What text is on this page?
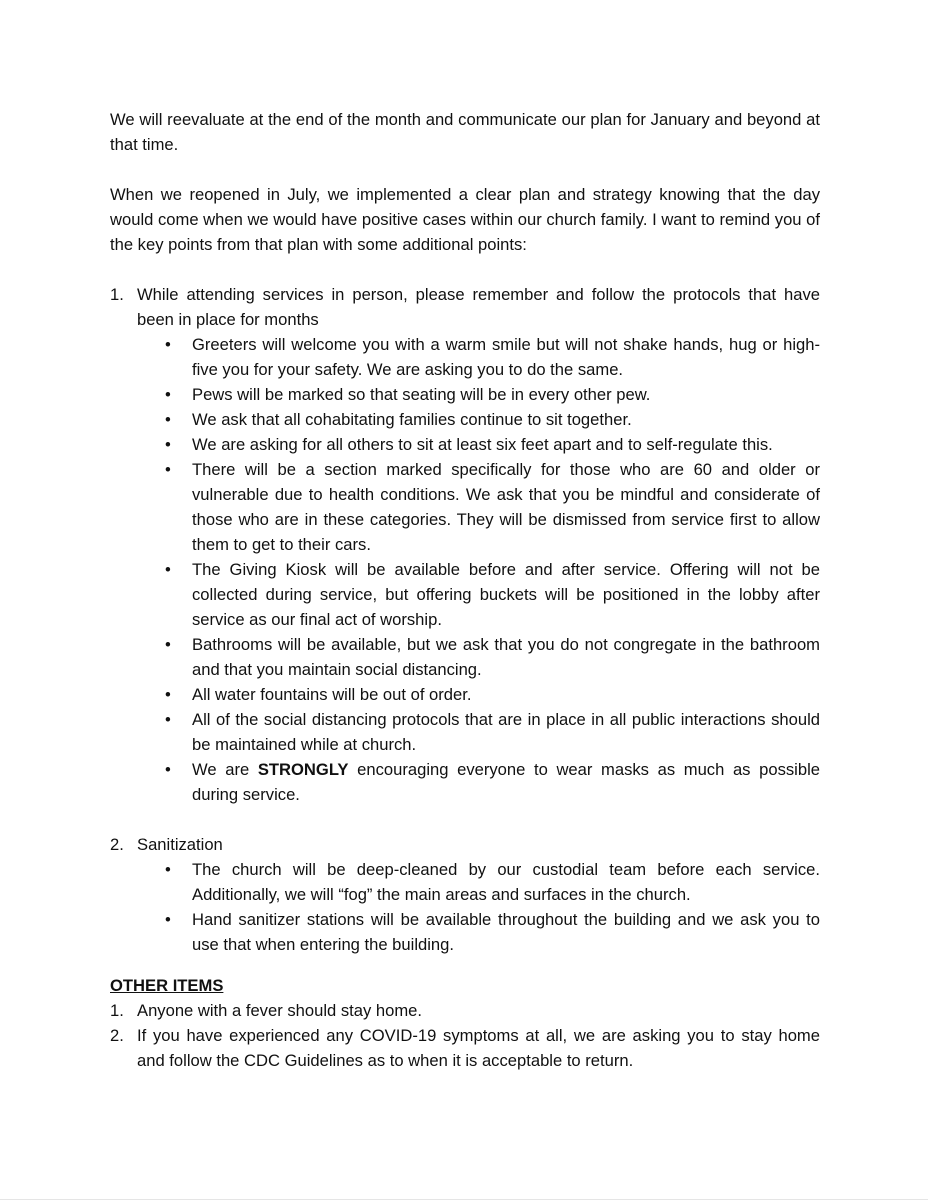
We will reevaluate at the end of the month and communicate our plan for January and beyond at that time.

When we reopened in July, we implemented a clear plan and strategy knowing that the day would come when we would have positive cases within our church family. I want to remind you of the key points from that plan with some additional points:

1. While attending services in person, please remember and follow the protocols that have been in place for months
• Greeters will welcome you with a warm smile but will not shake hands, hug or high-five you for your safety. We are asking you to do the same.
• Pews will be marked so that seating will be in every other pew.
• We ask that all cohabitating families continue to sit together.
• We are asking for all others to sit at least six feet apart and to self-regulate this.
• There will be a section marked specifically for those who are 60 and older or vulnerable due to health conditions. We ask that you be mindful and considerate of those who are in these categories. They will be dismissed from service first to allow them to get to their cars.
• The Giving Kiosk will be available before and after service. Offering will not be collected during service, but offering buckets will be positioned in the lobby after service as our final act of worship.
• Bathrooms will be available, but we ask that you do not congregate in the bathroom and that you maintain social distancing.
• All water fountains will be out of order.
• All of the social distancing protocols that are in place in all public interactions should be maintained while at church.
• We are STRONGLY encouraging everyone to wear masks as much as possible during service.
2. Sanitization
• The church will be deep-cleaned by our custodial team before each service. Additionally, we will “fog” the main areas and surfaces in the church.
• Hand sanitizer stations will be available throughout the building and we ask you to use that when entering the building.
OTHER ITEMS
1. Anyone with a fever should stay home.
2. If you have experienced any COVID-19 symptoms at all, we are asking you to stay home and follow the CDC Guidelines as to when it is acceptable to return.
